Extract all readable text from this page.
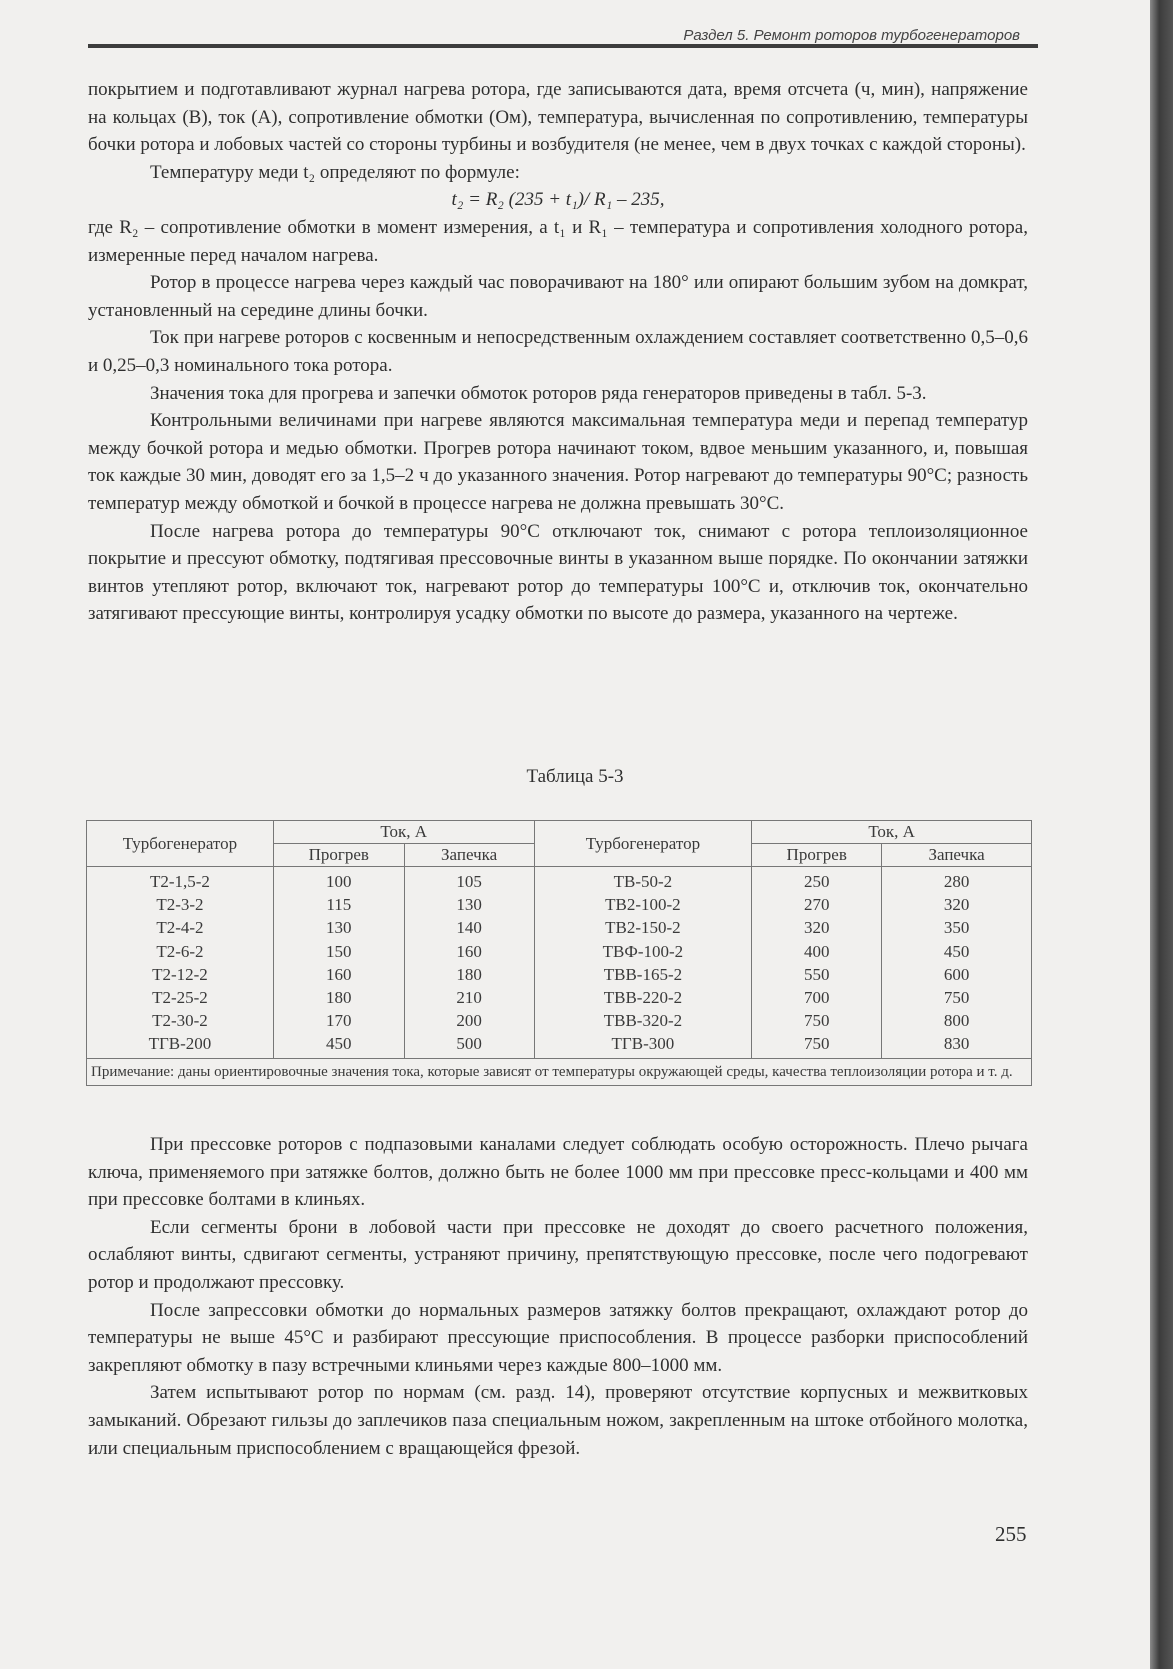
Раздел 5. Ремонт роторов турбогенераторов

покрытием и подготавливают журнал нагрева ротора, где записываются дата, время отсчета (ч, мин), напряжение на кольцах (В), ток (А), сопротивление обмотки (Ом), температура, вычисленная по сопротивлению, температуры бочки ротора и лобовых частей со стороны турбины и возбудителя (не менее, чем в двух точках с каждой стороны).

Температуру меди t₂ определяют по формуле:

t₂ = R₂ (235 + t₁)/ R₁ – 235,

где R₂ – сопротивление обмотки в момент измерения, а t₁ и R₁ – температура и сопротивления холодного ротора, измеренные перед началом нагрева.

Ротор в процессе нагрева через каждый час поворачивают на 180° или опирают большим зубом на домкрат, установленный на середине длины бочки.

Ток при нагреве роторов с косвенным и непосредственным охлаждением составляет соответственно 0,5–0,6 и 0,25–0,3 номинального тока ротора.

Значения тока для прогрева и запечки обмоток роторов ряда генераторов приведены в табл. 5-3.

Контрольными величинами при нагреве являются максимальная температура меди и перепад температур между бочкой ротора и медью обмотки. Прогрев ротора начинают током, вдвое меньшим указанного, и, повышая ток каждые 30 мин, доводят его за 1,5–2 ч до указанного значения. Ротор нагревают до температуры 90°С; разность температур между обмоткой и бочкой в процессе нагрева не должна превышать 30°С.

После нагрева ротора до температуры 90°С отключают ток, снимают с ротора теплоизоляционное покрытие и прессуют обмотку, подтягивая прессовочные винты в указанном выше порядке. По окончании затяжки винтов утепляют ротор, включают ток, нагревают ротор до температуры 100°С и, отключив ток, окончательно затягивают прессующие винты, контролируя усадку обмотки по высоте до размера, указанного на чертеже.

Таблица 5-3
Турбогенератор	Ток, А		Турбогенератор	Ток, А	
	Прогрев	Запечка		Прогрев	Запечка
Т2-1,5-2	100	105	ТВ-50-2	250	280
Т2-3-2	115	130	ТВ2-100-2	270	320
Т2-4-2	130	140	ТВ2-150-2	320	350
Т2-6-2	150	160	ТВФ-100-2	400	450
Т2-12-2	160	180	ТВВ-165-2	550	600
Т2-25-2	180	210	ТВВ-220-2	700	750
Т2-30-2	170	200	ТВВ-320-2	750	800
ТГВ-200	450	500	ТГВ-300	750	830
Примечание: даны ориентировочные значения тока, которые зависят от температуры окружающей среды, качества теплоизоляции ротора и т. д.					

При прессовке роторов с подпазовыми каналами следует соблюдать особую осторожность. Плечо рычага ключа, применяемого при затяжке болтов, должно быть не более 1000 мм при прессовке пресс-кольцами и 400 мм при прессовке болтами в клиньях.

Если сегменты брони в лобовой части при прессовке не доходят до своего расчетного положения, ослабляют винты, сдвигают сегменты, устраняют причину, препятствующую прессовке, после чего подогревают ротор и продолжают прессовку.

После запрессовки обмотки до нормальных размеров затяжку болтов прекращают, охлаждают ротор до температуры не выше 45°С и разбирают прессующие приспособления. В процессе разборки приспособлений закрепляют обмотку в пазу встречными клиньями через каждые 800–1000 мм.

Затем испытывают ротор по нормам (см. разд. 14), проверяют отсутствие корпусных и межвитковых замыканий. Обрезают гильзы до заплечиков паза специальным ножом, закрепленным на штоке отбойного молотка, или специальным приспособлением с вращающейся фрезой.

255
